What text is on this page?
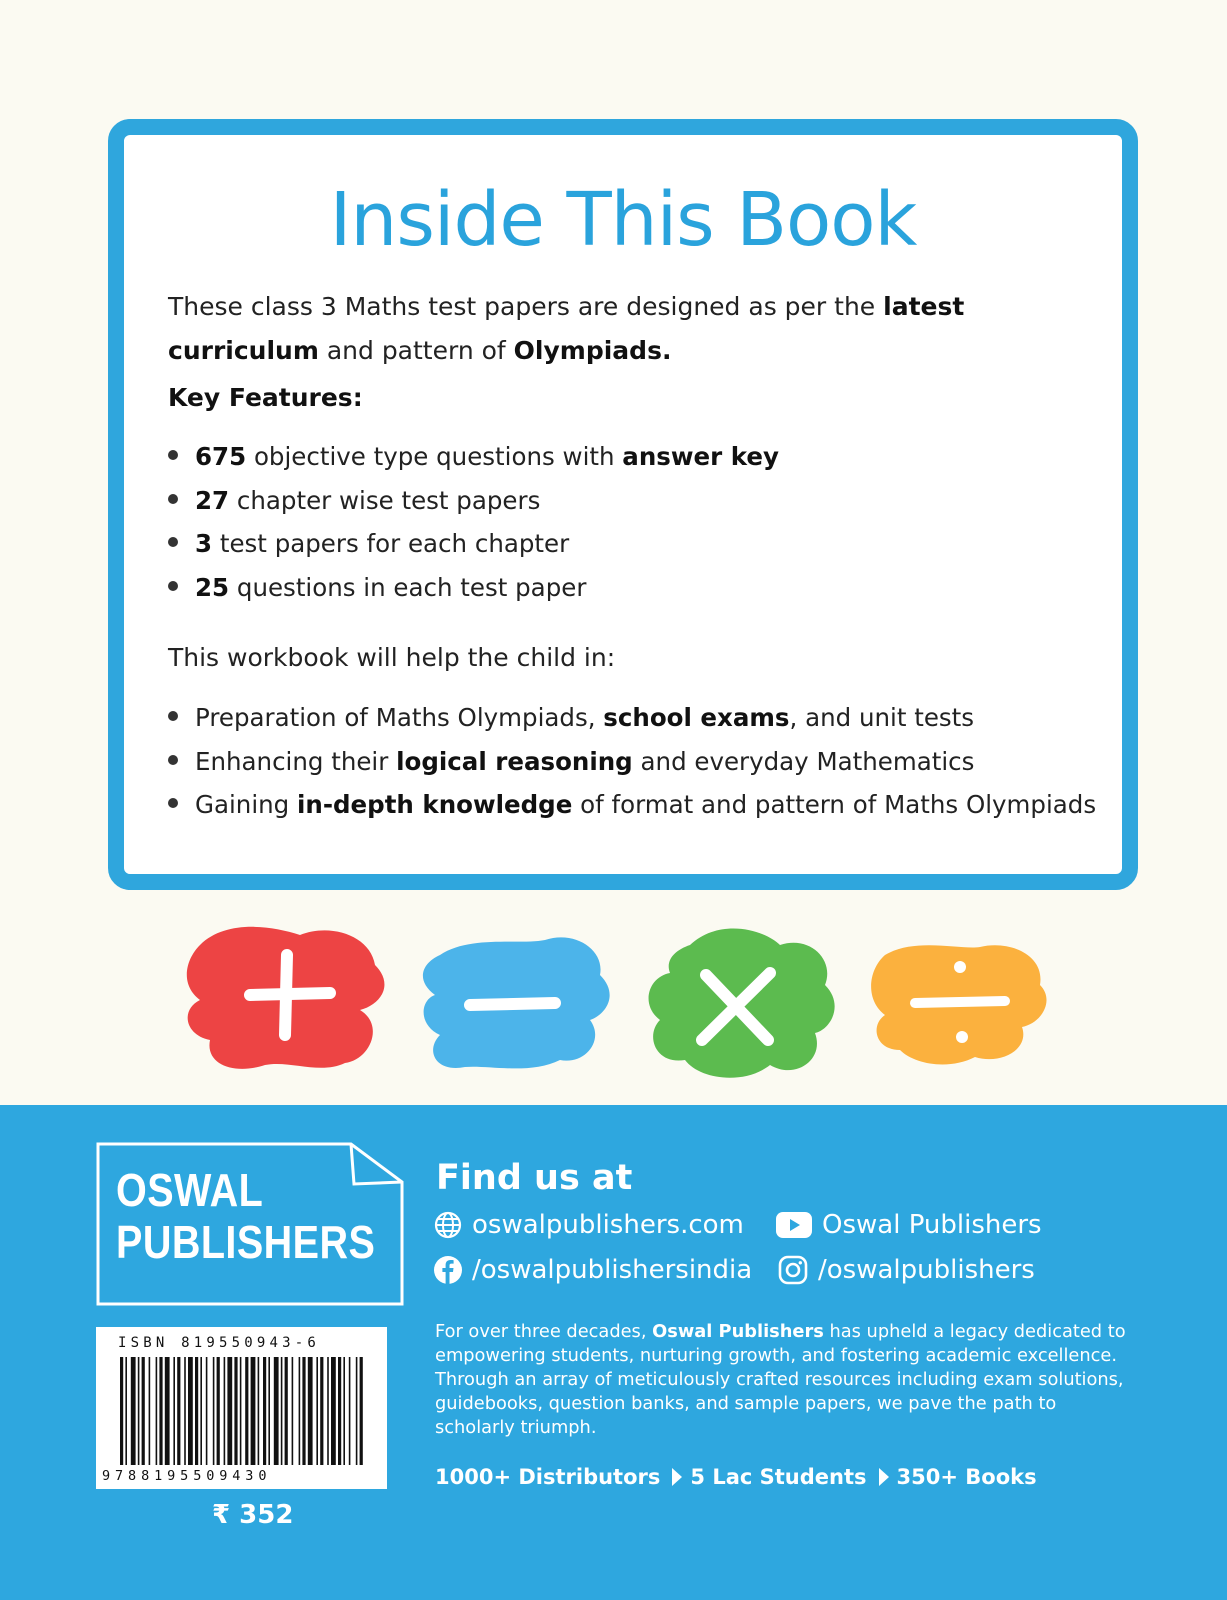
Inside This Book

These class 3 Maths test papers are designed as per the latest curriculum and pattern of Olympiads.

Key Features:

675 objective type questions with answer key
27 chapter wise test papers
3 test papers for each chapter
25 questions in each test paper

This workbook will help the child in:

Preparation of Maths Olympiads, school exams, and unit tests
Enhancing their logical reasoning and everyday Mathematics
Gaining in-depth knowledge of format and pattern of Maths Olympiads
OSWAL
PUBLISHERS
Find us at
oswalpublishers.com	Oswal Publishers
/oswalpublishersindia	/oswalpublishers

For over three decades, Oswal Publishers has upheld a legacy dedicated to empowering students, nurturing growth, and fostering academic excellence. Through an array of meticulously crafted resources including exam solutions, guidebooks, question banks, and sample papers, we pave the path to scholarly triumph.

1000+ Distributors 5 Lac Students 350+ Books
ISBN 819550943-6
9788195509430

₹ 352
